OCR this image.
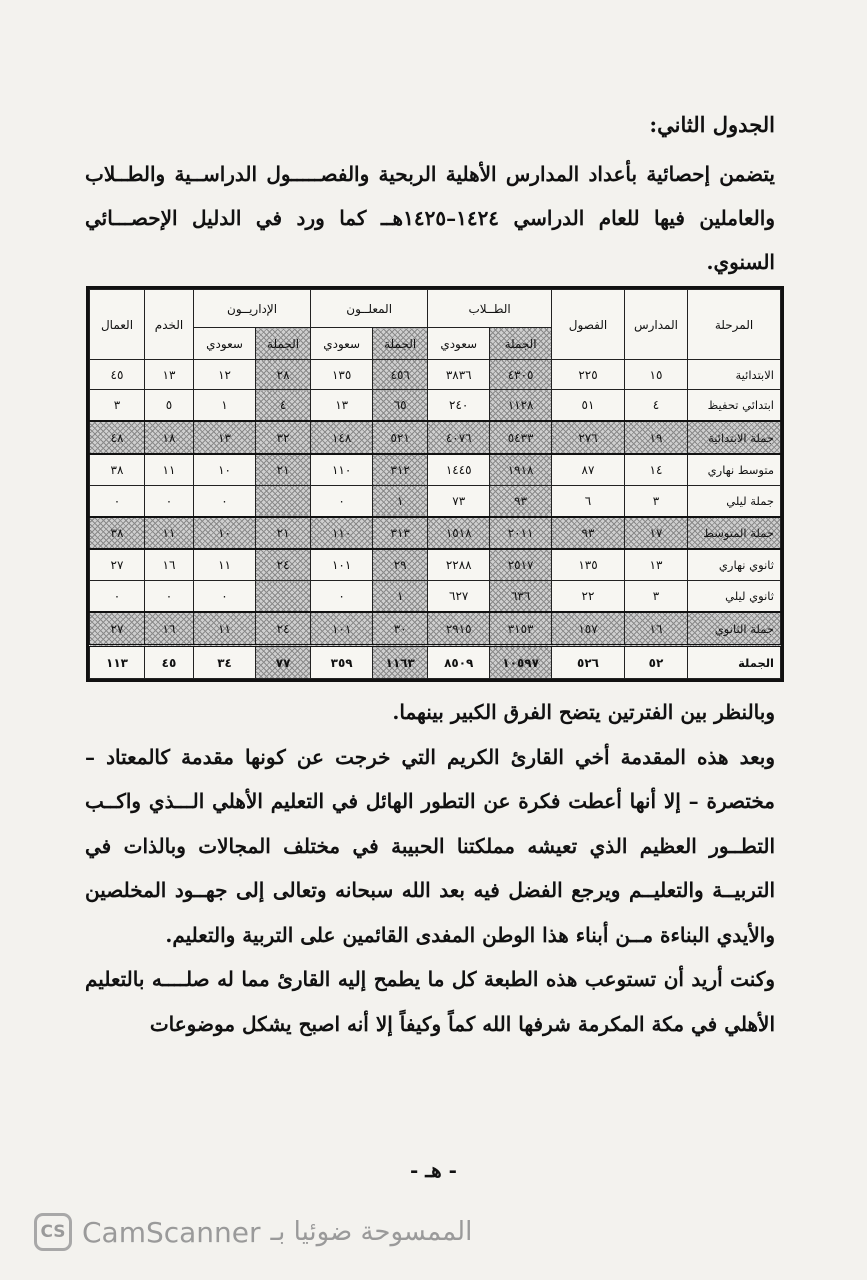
الجدول الثاني:
يتضمن إحصائية بأعداد المدارس الأهلية الربحية والفصـــــول الدراســية والطــلاب والعاملين فيها للعام الدراسي ١٤٢٤–١٤٢٥هــ كما ورد في الدليل الإحصـــائي السنوي.
المرحلة	المدارس	الفصول	الطــلاب		المعلــون		الإداريــون		الخدم	العمال
			الجملة	سعودي	الجملة	سعودي	الجملة	سعودي		
الابتدائية	١٥	٢٢٥	٤٣٠٥	٣٨٣٦	٤٥٦	١٣٥	٢٨	١٢	١٣	٤٥
ابتدائي تحفيظ	٤	٥١	١١٢٨	٢٤٠	٦٥	١٣	٤	١	٥	٣
جملة الابتدائية	١٩	٢٧٦	٥٤٣٣	٤٠٧٦	٥٢١	١٤٨	٣٢	١٣	١٨	٤٨
متوسط نهاري	١٤	٨٧	١٩١٨	١٤٤٥	٣١٢	١١٠	٢١	١٠	١١	٣٨
جملة ليلي	٣	٦	٩٣	٧٣	١	٠		٠	٠	٠
جملة المتوسط	١٧	٩٣	٢٠١١	١٥١٨	٣١٣	١١٠	٢١	١٠	١١	٣٨
ثانوي نهاري	١٣	١٣٥	٢٥١٧	٢٢٨٨	٢٩	١٠١	٢٤	١١	١٦	٢٧
ثانوي ليلي	٣	٢٢	٦٣٦	٦٢٧	١	٠		٠	٠	٠
جملة الثانوي	١٦	١٥٧	٣١٥٣	٢٩١٥	٣٠	١٠١	٢٤	١١	١٦	٢٧
الجملة	٥٢	٥٢٦	١٠٥٩٧	٨٥٠٩	١١٦٣	٣٥٩	٧٧	٣٤	٤٥	١١٣

وبالنظر بين الفترتين يتضح الفرق الكبير بينهما.

وبعد هذه المقدمة أخي القارئ الكريم التي خرجت عن كونها مقدمة كالمعتاد –مختصرة – إلا أنها أعطت فكرة عن التطور الهائل في التعليم الأهلي الـــذي واكــب التطــور العظيم الذي تعيشه مملكتنا الحبيبة في مختلف المجالات وبالذات في التربيــة والتعليــم ويرجع الفضل فيه بعد الله سبحانه وتعالى إلى جهــود المخلصين والأيدي البناءة مــن أبناء هذا الوطن المفدى القائمين على التربية والتعليم.

وكنت أريد أن تستوعب هذه الطبعة كل ما يطمح إليه القارئ مما له صلــــه بالتعليم الأهلي في مكة المكرمة شرفها الله كماً وكيفاً إلا أنه اصبح يشكل موضوعات

- هـ -
CS CamScanner الممسوحة ضوئيا بـ
